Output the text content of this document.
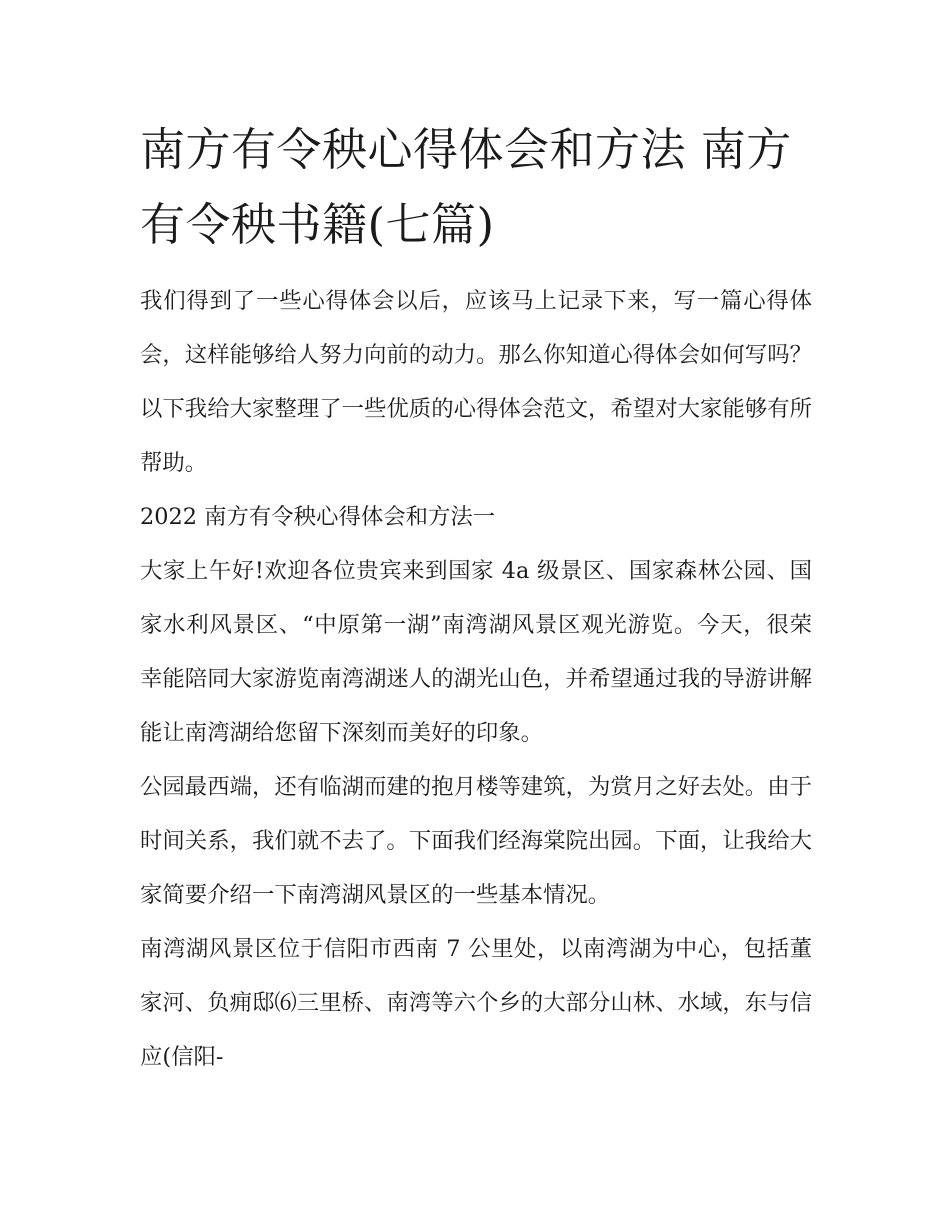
南方有令秧心得体会和方法 南方有令秧书籍(七篇)

我们得到了一些心得体会以后，应该马上记录下来，写一篇心得体会，这样能够给人努力向前的动力。那么你知道心得体会如何写吗？以下我给大家整理了一些优质的心得体会范文，希望对大家能够有所帮助。

2022 南方有令秧心得体会和方法一

大家上午好!欢迎各位贵宾来到国家 4a 级景区、国家森林公园、国家水利风景区、“中原第一湖”南湾湖风景区观光游览。今天，很荣幸能陪同大家游览南湾湖迷人的湖光山色，并希望通过我的导游讲解能让南湾湖给您留下深刻而美好的印象。

公园最西端，还有临湖而建的抱月楼等建筑，为赏月之好去处。由于时间关系，我们就不去了。下面我们经海棠院出园。下面，让我给大家简要介绍一下南湾湖风景区的一些基本情况。

南湾湖风景区位于信阳市西南 7 公里处，以南湾湖为中心，包括董家河、负痈邸⑹三里桥、南湾等六个乡的大部分山林、水域，东与信应(信阳-
